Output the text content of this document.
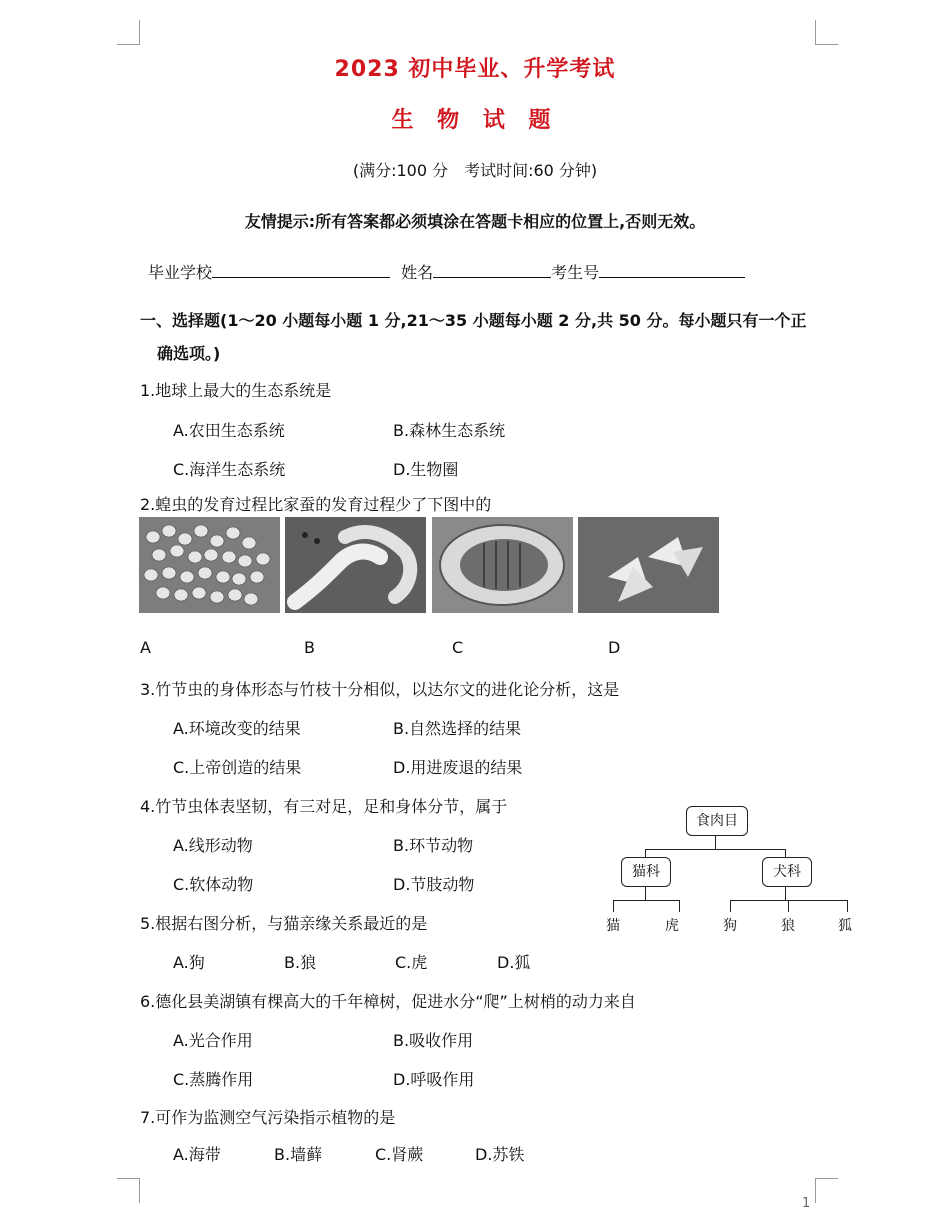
2023 初中毕业、升学考试
生 物 试 题
(满分:100 分　考试时间:60 分钟)
友情提示:所有答案都必须填涂在答题卡相应的位置上,否则无效。
毕业学校	姓名	考生号
一、选择题(1～20 小题每小题 1 分,21～35 小题每小题 2 分,共 50 分。每小题只有一个正
确选项。)
1.地球上最大的生态系统是
A.农田生态系统	B.森林生态系统
C.海洋生态系统	D.生物圈
2.蝗虫的发育过程比家蚕的发育过程少了下图中的
A	B	C	D
3.竹节虫的身体形态与竹枝十分相似，以达尔文的进化论分析，这是
A.环境改变的结果	B.自然选择的结果
C.上帝创造的结果	D.用进废退的结果
4.竹节虫体表坚韧，有三对足，足和身体分节，属于
A.线形动物	B.环节动物
C.软体动物	D.节肢动物
食肉目
猫科	犬科
猫	虎	狗	狼	狐
5.根据右图分析，与猫亲缘关系最近的是
A.狗	B.狼	C.虎	D.狐
6.德化县美湖镇有棵高大的千年樟树，促进水分“爬”上树梢的动力来自
A.光合作用	B.吸收作用
C.蒸腾作用	D.呼吸作用
7.可作为监测空气污染指示植物的是
A.海带	B.墙藓	C.肾蕨	D.苏铁
1
